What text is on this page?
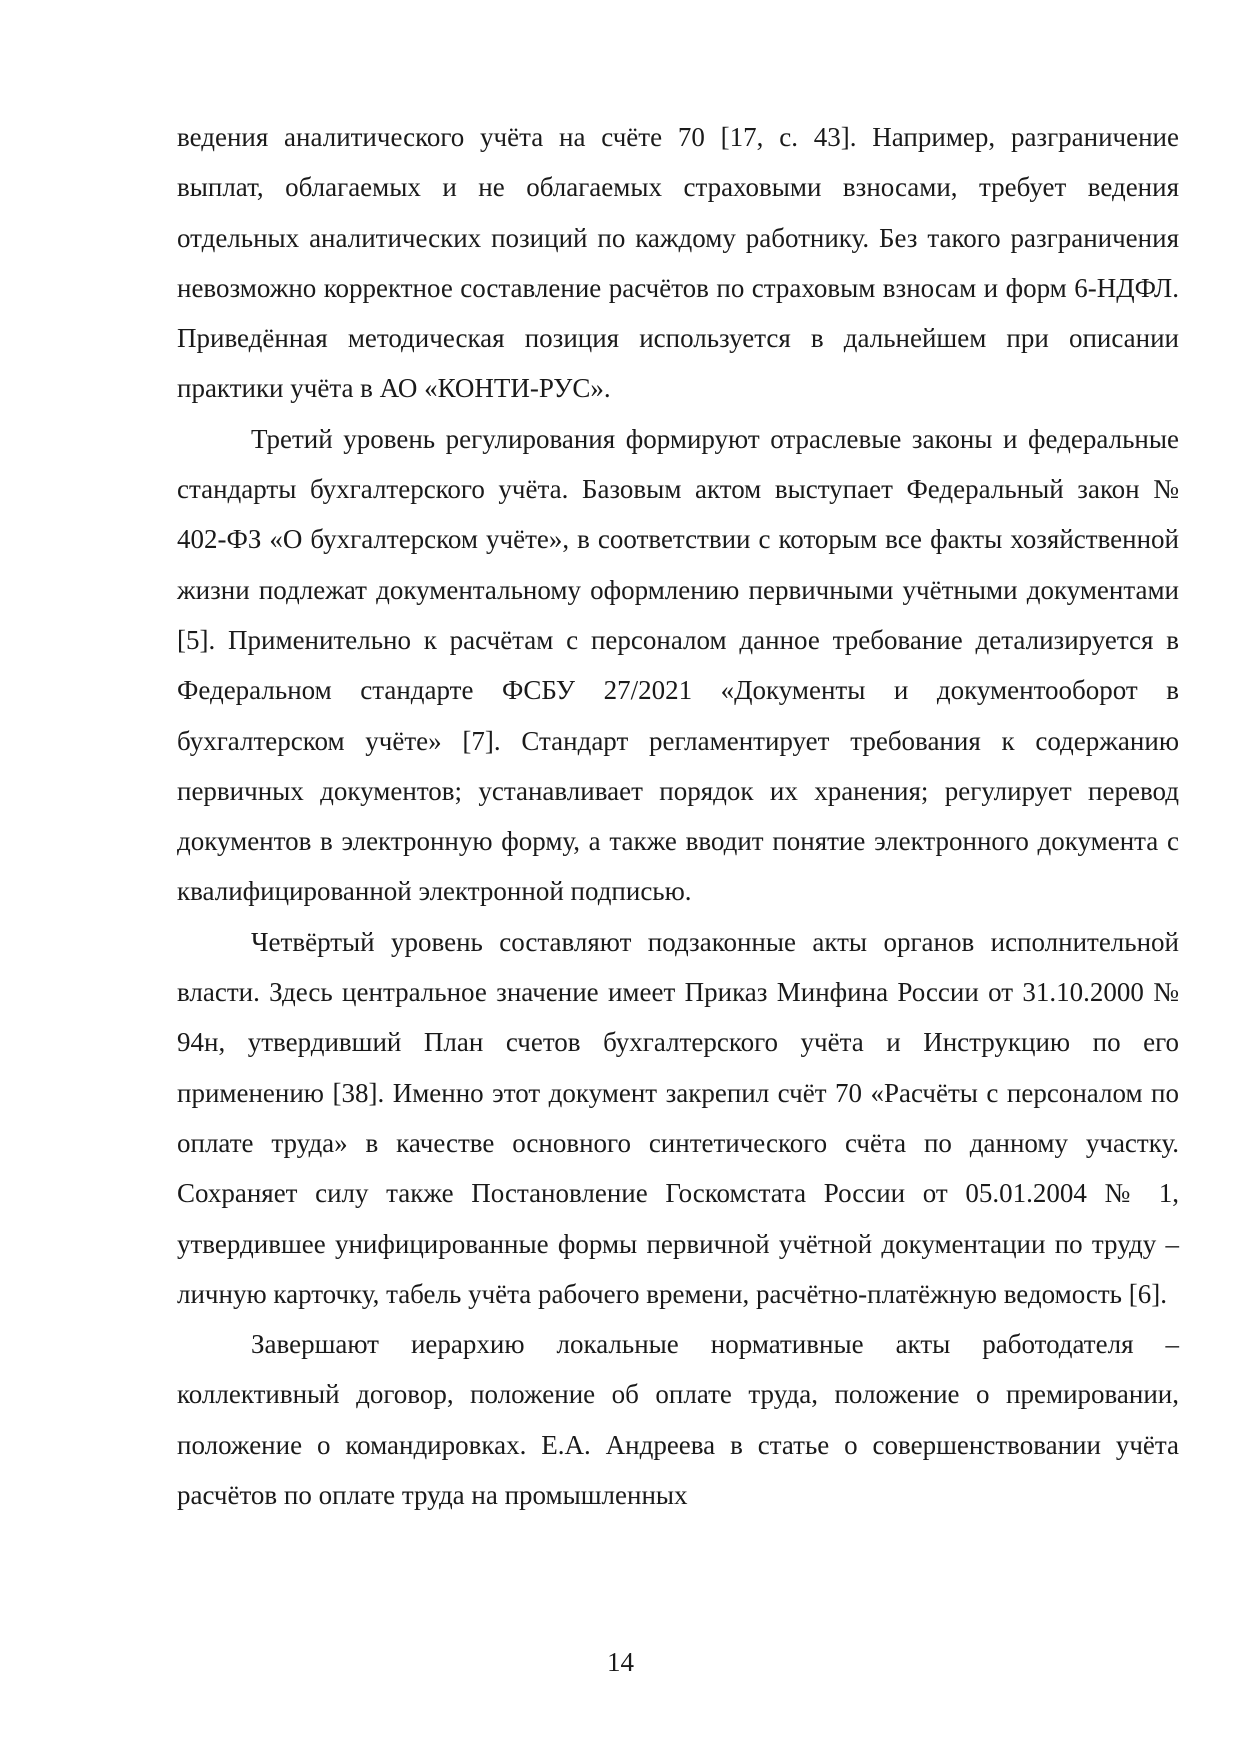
ведения аналитического учёта на счёте 70 [17, с. 43]. Например, разграничение выплат, облагаемых и не облагаемых страховыми взносами, требует ведения отдельных аналитических позиций по каждому работнику. Без такого разграничения невозможно корректное составление расчётов по страховым взносам и форм 6-НДФЛ. Приведённая методическая позиция используется в дальнейшем при описании практики учёта в АО «КОНТИ-РУС».

Третий уровень регулирования формируют отраслевые законы и федеральные стандарты бухгалтерского учёта. Базовым актом выступает Федеральный закон № 402-ФЗ «О бухгалтерском учёте», в соответствии с которым все факты хозяйственной жизни подлежат документальному оформлению первичными учётными документами [5]. Применительно к расчётам с персоналом данное требование детализируется в Федеральном стандарте ФСБУ 27/2021 «Документы и документооборот в бухгалтерском учёте» [7]. Стандарт регламентирует требования к содержанию первичных документов; устанавливает порядок их хранения; регулирует перевод документов в электронную форму, а также вводит понятие электронного документа с квалифицированной электронной подписью.

Четвёртый уровень составляют подзаконные акты органов исполнительной власти. Здесь центральное значение имеет Приказ Минфина России от 31.10.2000 № 94н, утвердивший План счетов бухгалтерского учёта и Инструкцию по его применению [38]. Именно этот документ закрепил счёт 70 «Расчёты с персоналом по оплате труда» в качестве основного синтетического счёта по данному участку. Сохраняет силу также Постановление Госкомстата России от 05.01.2004 № 1, утвердившее унифицированные формы первичной учётной документации по труду – личную карточку, табель учёта рабочего времени, расчётно-платёжную ведомость [6].

Завершают иерархию локальные нормативные акты работодателя – коллективный договор, положение об оплате труда, положение о премировании, положение о командировках. Е.А. Андреева в статье о совершенствовании учёта расчётов по оплате труда на промышленных

14
